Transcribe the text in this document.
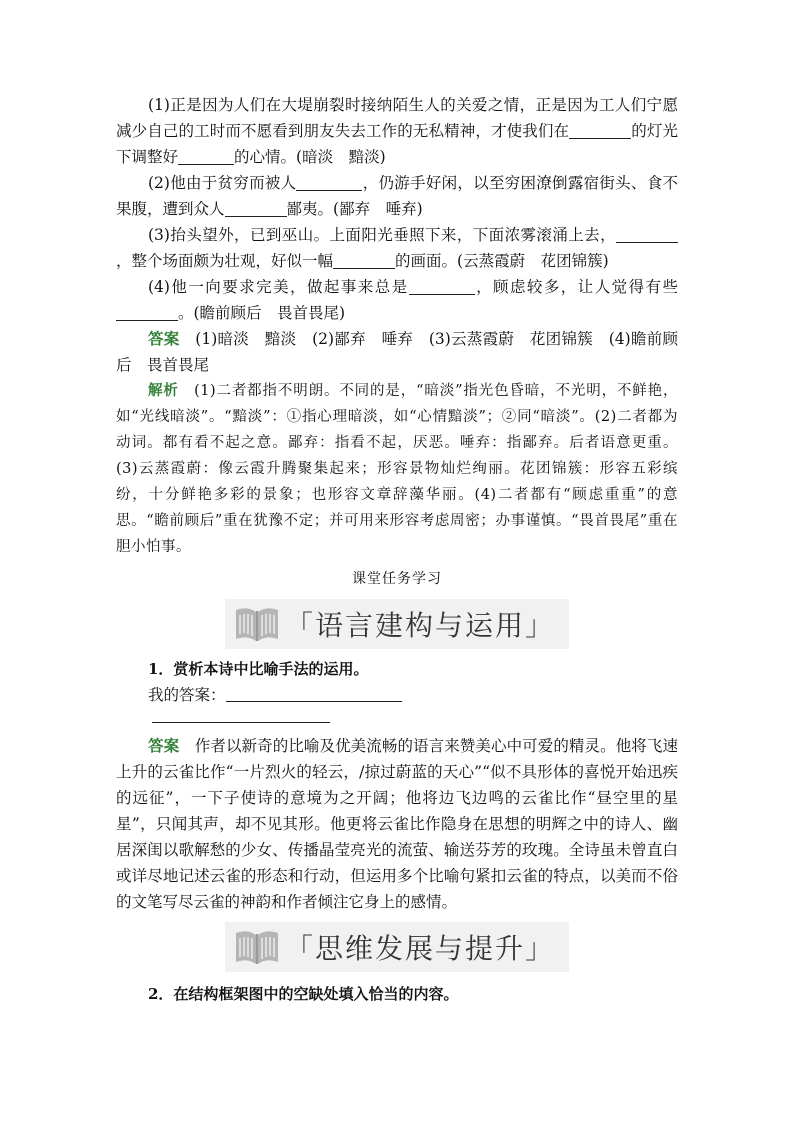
(1)正是因为人们在大堤崩裂时接纳陌生人的关爱之情，正是因为工人们宁愿减少自己的工时而不愿看到朋友失去工作的无私精神，才使我们在	的灯光下调整好	的心情。(暗淡　黯淡)

(2)他由于贫穷而被人	，仍游手好闲，以至穷困潦倒露宿街头、食不果腹，遭到众人	鄙夷。(鄙弃　唾弃)

(3)抬头望外，已到巫山。上面阳光垂照下来，下面浓雾滚涌上去，，整个场面颇为壮观，好似一幅	的画面。(云蒸霞蔚　花团锦簇)

(4)他一向要求完美，做起事来总是	，顾虑较多，让人觉得有些。(瞻前顾后　畏首畏尾)

答案　 (1)暗淡　黯淡　(2)鄙弃　唾弃　(3)云蒸霞蔚　花团锦簇　(4)瞻前顾后　畏首畏尾

解析　 (1)二者都指不明朗。不同的是，“暗淡”指光色昏暗，不光明，不鲜艳，如“光线暗淡”。“黯淡”：①指心理暗淡，如“心情黯淡”；②同“暗淡”。(2)二者都为动词。都有看不起之意。鄙弃：指看不起，厌恶。唾弃：指鄙弃。后者语意更重。(3)云蒸霞蔚：像云霞升腾聚集起来；形容景物灿烂绚丽。花团锦簇：形容五彩缤纷，十分鲜艳多彩的景象；也形容文章辞藻华丽。(4)二者都有“顾虑重重”的意思。“瞻前顾后”重在犹豫不定；并可用来形容考虑周密；办事谨慎。“畏首畏尾”重在胆小怕事。

课堂任务学习

「语言建构与运用」

1．赏析本诗中比喻手法的运用。

我的答案：

答案　 作者以新奇的比喻及优美流畅的语言来赞美心中可爱的精灵。他将飞速上升的云雀比作“一片烈火的轻云，/掠过蔚蓝的天心”“似不具形体的喜悦开始迅疾的远征”，一下子使诗的意境为之开阔；他将边飞边鸣的云雀比作“昼空里的星星”，只闻其声，却不见其形。他更将云雀比作隐身在思想的明辉之中的诗人、幽居深闺以歌解愁的少女、传播晶莹亮光的流萤、输送芬芳的玫瑰。全诗虽未曾直白或详尽地记述云雀的形态和行动，但运用多个比喻句紧扣云雀的特点，以美而不俗的文笔写尽云雀的神韵和作者倾注它身上的感情。

「思维发展与提升」

2．在结构框架图中的空缺处填入恰当的内容。
